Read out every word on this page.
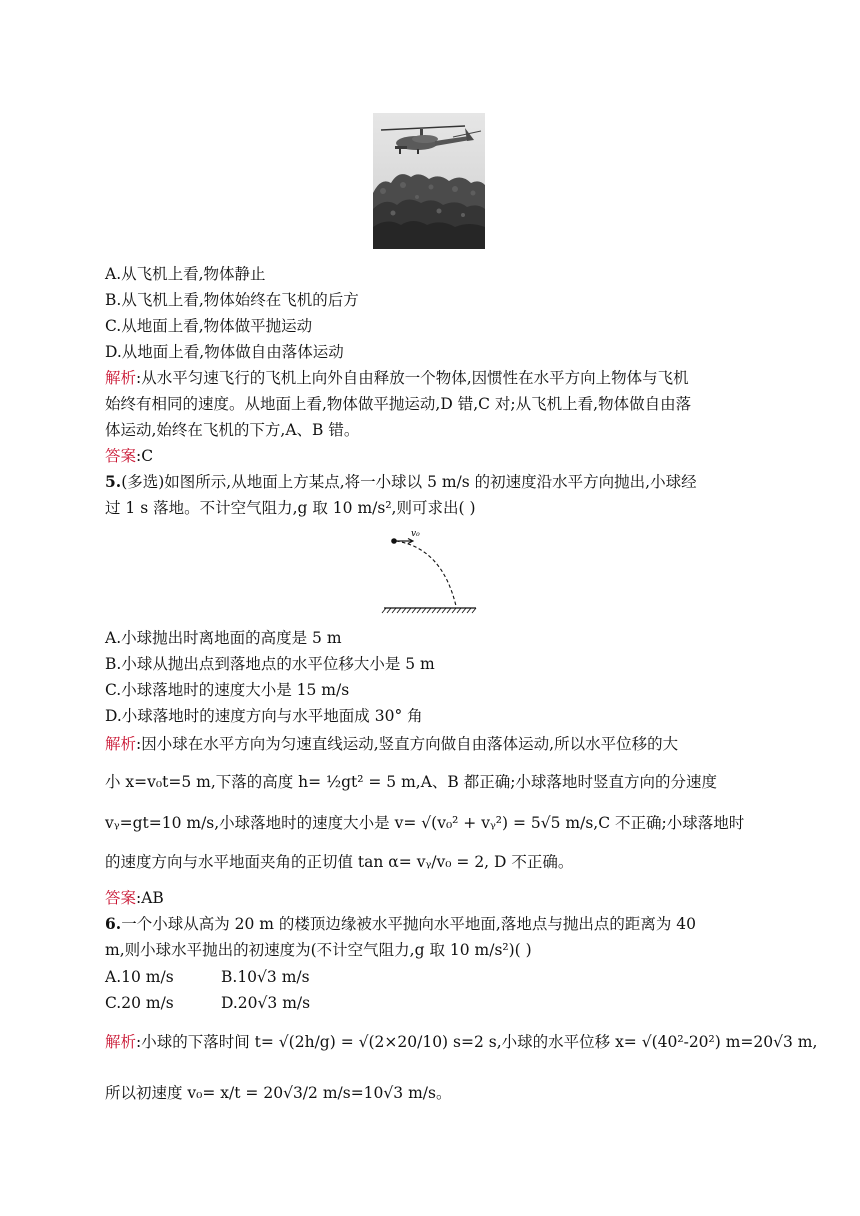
A.从飞机上看,物体静止
B.从飞机上看,物体始终在飞机的后方
C.从地面上看,物体做平抛运动
D.从地面上看,物体做自由落体运动
解析:从水平匀速飞行的飞机上向外自由释放一个物体,因惯性在水平方向上物体与飞机
始终有相同的速度。从地面上看,物体做平抛运动,D 错,C 对;从飞机上看,物体做自由落
体运动,始终在飞机的下方,A、B 错。
答案:C
5.(多选)如图所示,从地面上方某点,将一小球以 5 m/s 的初速度沿水平方向抛出,小球经
过 1 s 落地。不计空气阻力,g 取 10 m/s²,则可求出( )
v₀
A.小球抛出时离地面的高度是 5 m
B.小球从抛出点到落地点的水平位移大小是 5 m
C.小球落地时的速度大小是 15 m/s
D.小球落地时的速度方向与水平地面成 30° 角
解析:因小球在水平方向为匀速直线运动,竖直方向做自由落体运动,所以水平位移的大
小 x=v₀t=5 m,下落的高度 h= ½gt² = 5 m,A、B 都正确;小球落地时竖直方向的分速度
vᵧ=gt=10 m/s,小球落地时的速度大小是 v= √(v₀² + vᵧ²) = 5√5 m/s,C 不正确;小球落地时
的速度方向与水平地面夹角的正切值 tan α= vᵧ/v₀ = 2, D 不正确。
答案:AB
6.一个小球从高为 20 m 的楼顶边缘被水平抛向水平地面,落地点与抛出点的距离为 40
m,则小球水平抛出的初速度为(不计空气阻力,g 取 10 m/s²)( )
A.10 m/s	B.10√3 m/s
C.20 m/s	D.20√3 m/s
解析:小球的下落时间 t= √(2h/g) = √(2×20/10) s=2 s,小球的水平位移 x= √(40²-20²) m=20√3 m,
所以初速度 v₀= x/t = 20√3/2 m/s=10√3 m/s。
